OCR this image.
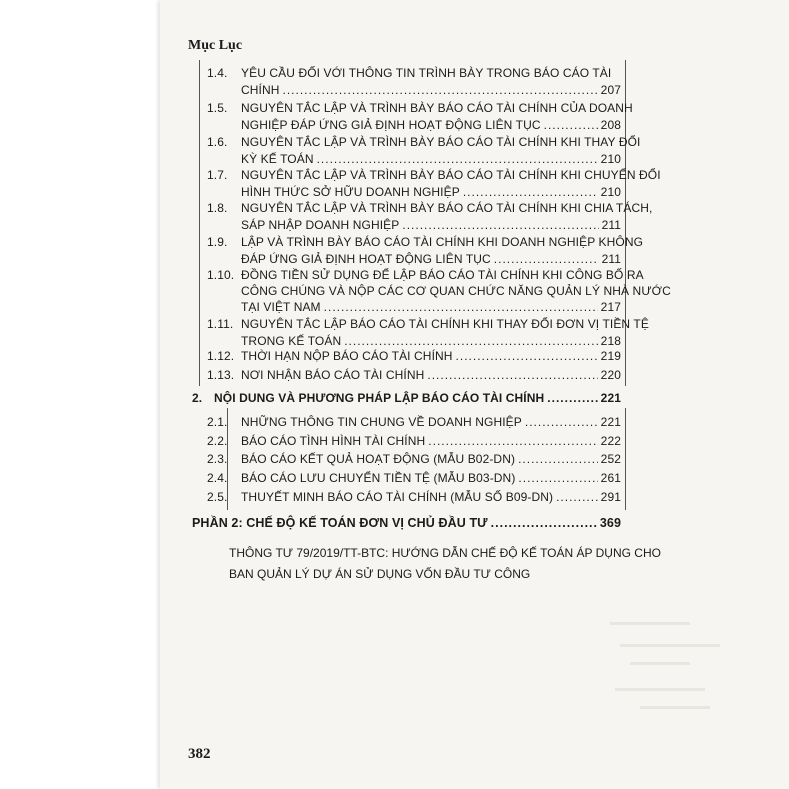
Mục Lục
1.4. YÊU CẦU ĐỐI VỚI THÔNG TIN TRÌNH BÀY TRONG BÁO CÁO TÀI
CHÍNH .....	207
1.5. NGUYÊN TẮC LẬP VÀ TRÌNH BÀY BÁO CÁO TÀI CHÍNH CỦA DOANH
NGHIỆP ĐÁP ỨNG GIẢ ĐỊNH HOẠT ĐỘNG LIÊN TỤC .....	208
1.6. NGUYÊN TẮC LẬP VÀ TRÌNH BÀY BÁO CÁO TÀI CHÍNH KHI THAY ĐỔI
KỲ KẾ TOÁN .....	210
1.7. NGUYÊN TẮC LẬP VÀ TRÌNH BÀY BÁO CÁO TÀI CHÍNH KHI CHUYỂN ĐỔI
HÌNH THỨC SỞ HỮU DOANH NGHIỆP .....	210
1.8. NGUYÊN TẮC LẬP VÀ TRÌNH BÀY BÁO CÁO TÀI CHÍNH KHI CHIA TÁCH,
SÁP NHẬP DOANH NGHIỆP .....	211
1.9. LẬP VÀ TRÌNH BÀY BÁO CÁO TÀI CHÍNH KHI DOANH NGHIỆP KHÔNG
ĐÁP ỨNG GIẢ ĐỊNH HOẠT ĐỘNG LIÊN TỤC .....	211
1.10. ĐỒNG TIỀN SỬ DỤNG ĐỂ LẬP BÁO CÁO TÀI CHÍNH KHI CÔNG BỐ RA
CÔNG CHÚNG VÀ NỘP CÁC CƠ QUAN CHỨC NĂNG QUẢN LÝ NHÀ NƯỚC
TẠI VIỆT NAM .....	217
1.11. NGUYÊN TẮC LẬP BÁO CÁO TÀI CHÍNH KHI THAY ĐỔI ĐƠN VỊ TIỀN TỆ
TRONG KẾ TOÁN .....	218
1.12. THỜI HẠN NỘP BÁO CÁO TÀI CHÍNH .....	219
1.13. NƠI NHẬN BÁO CÁO TÀI CHÍNH .....	220
2. NỘI DUNG VÀ PHƯƠNG PHÁP LẬP BÁO CÁO TÀI CHÍNH .....	221
2.1. NHỮNG THÔNG TIN CHUNG VỀ DOANH NGHIỆP .....	221
2.2. BÁO CÁO TÌNH HÌNH TÀI CHÍNH .....	222
2.3. BÁO CÁO KẾT QUẢ HOẠT ĐỘNG (MẪU B02-DN) .....	252
2.4. BÁO CÁO LƯU CHUYỂN TIỀN TỆ (MẪU B03-DN) .....	261
2.5. THUYẾT MINH BÁO CÁO TÀI CHÍNH (MẪU SỐ B09-DN) .....	291
PHẦN 2: CHẾ ĐỘ KẾ TOÁN ĐƠN VỊ CHỦ ĐẦU TƯ .....	369
THÔNG TƯ 79/2019/TT-BTC: HƯỚNG DẪN CHẾ ĐỘ KẾ TOÁN ÁP DỤNG CHO
BAN QUẢN LÝ DỰ ÁN SỬ DỤNG VỐN ĐẦU TƯ CÔNG
382
